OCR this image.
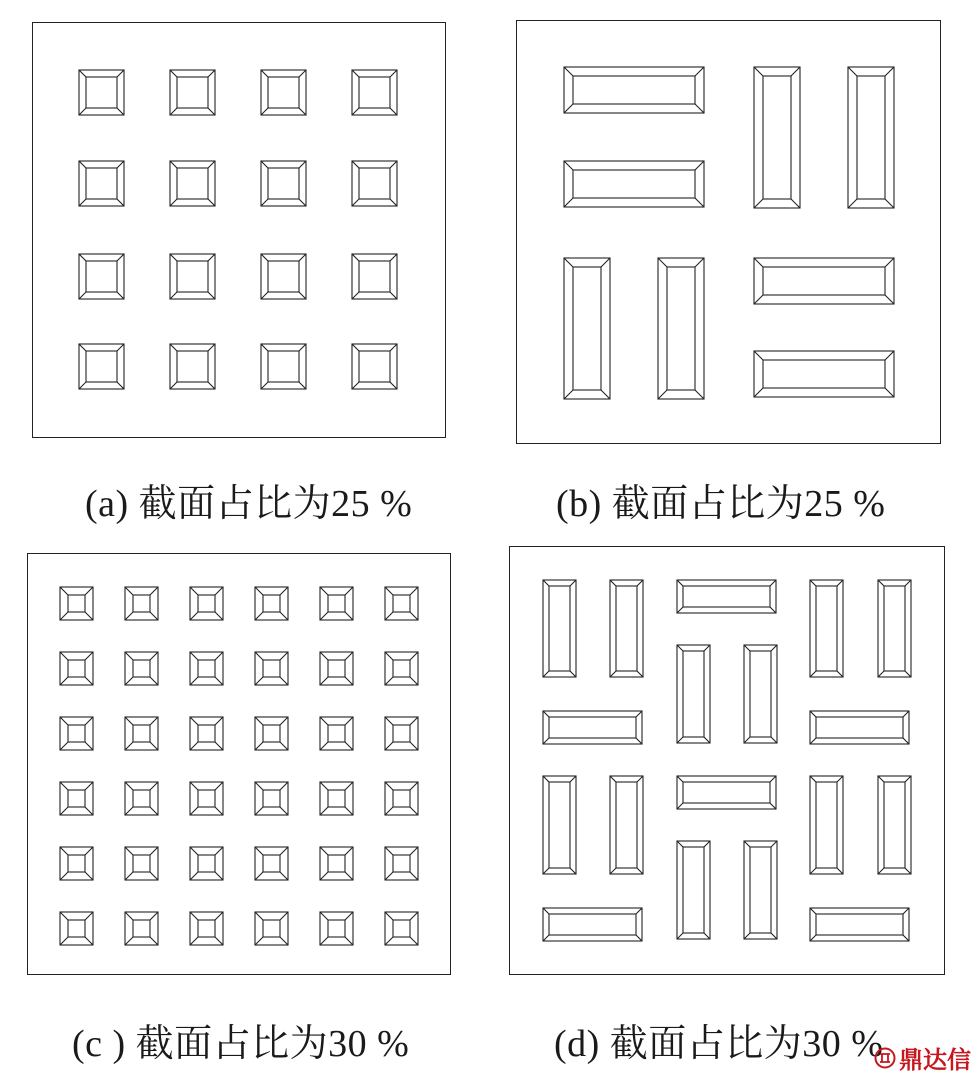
(a) 截面占比为25 %	(b) 截面占比为25 %
(c ) 截面占比为30 %	(d) 截面占比为30 % 鼎达信
